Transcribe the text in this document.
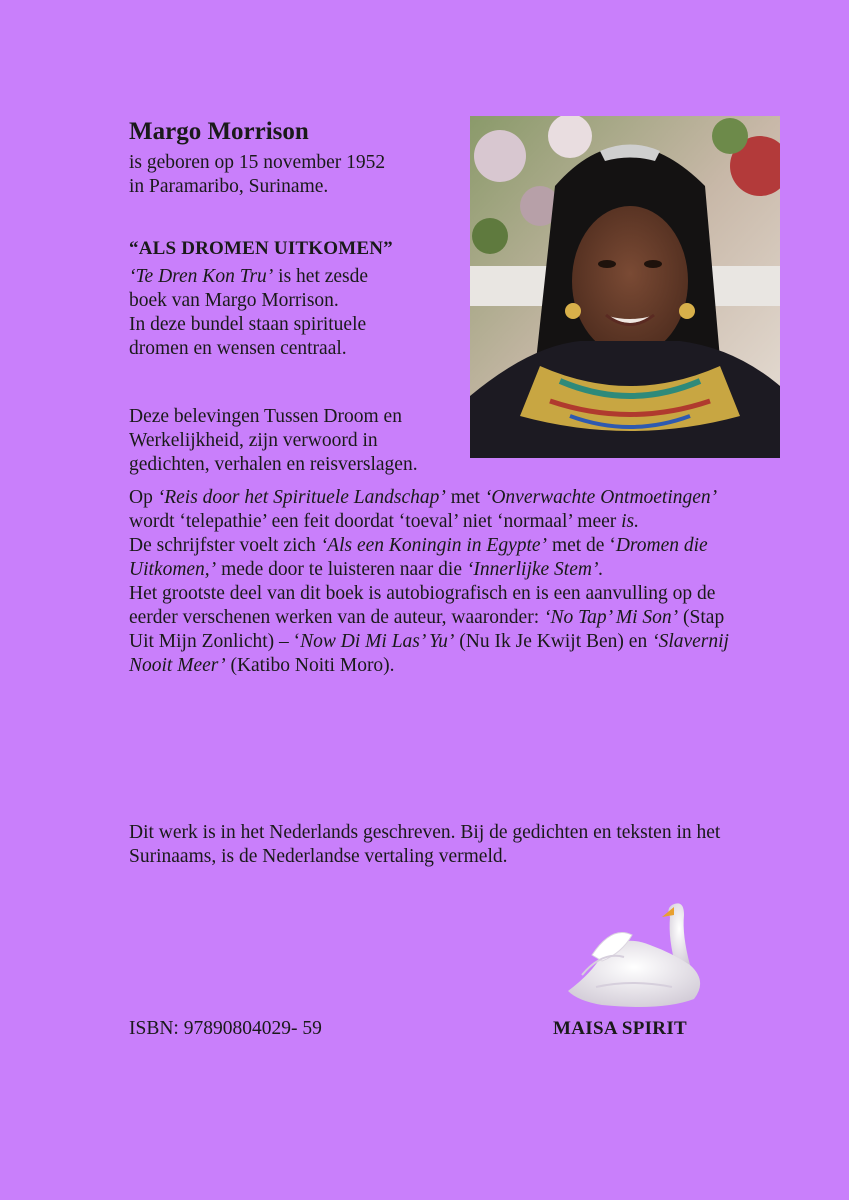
Margo Morrison

is geboren op 15 november 1952
in Paramaribo, Suriname.

“ALS DROMEN UITKOMEN”

‘Te Dren Kon Tru’ is het zesde
boek van Margo Morrison.
In deze bundel staan spirituele
dromen en wensen centraal.

Deze belevingen Tussen Droom en
Werkelijkheid, zijn verwoord in
gedichten, verhalen en reisverslagen.

Op ‘Reis door het Spirituele Landschap’ met ‘Onverwachte Ontmoetingen’ wordt ‘telepathie’ een feit doordat ‘toeval’ niet ‘normaal’ meer is.
De schrijfster voelt zich ‘Als een Koningin in Egypte’ met de ‘Dromen die Uitkomen,’ mede door te luisteren naar die ‘Innerlijke Stem’.
Het grootste deel van dit boek is autobiografisch en is een aanvulling op de eerder verschenen werken van de auteur, waaronder: ‘No Tap’ Mi Son’ (Stap Uit Mijn Zonlicht) – ‘Now Di Mi Las’ Yu’ (Nu Ik Je Kwijt Ben) en ‘Slavernij Nooit Meer’ (Katibo Noiti Moro).

Dit werk is in het Nederlands geschreven. Bij de gedichten en teksten in het Surinaams, is de Nederlandse vertaling vermeld.

ISBN: 97890804029- 59	MAISA SPIRIT
